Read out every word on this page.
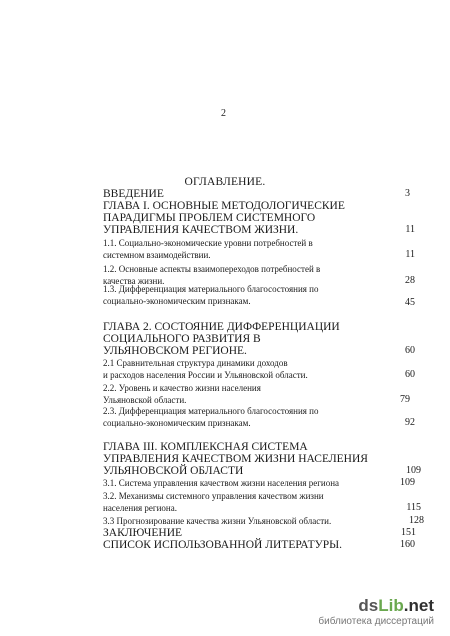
2
ОГЛАВЛЕНИЕ.
ВВЕДЕНИЕ	3
ГЛАВА I. ОСНОВНЫЕ МЕТОДОЛОГИЧЕСКИЕ
ПАРАДИГМЫ ПРОБЛЕМ СИСТЕМНОГО
УПРАВЛЕНИЯ КАЧЕСТВОМ ЖИЗНИ.	11
1.1. Социально-экономические уровни потребностей в
системном взаимодействии.	11
1.2. Основные аспекты взаимопереходов потребностей в
качества жизни.	28
1.3. Дифференциация материального благосостояния по
социально-экономическим признакам.	45
ГЛАВА 2. СОСТОЯНИЕ ДИФФЕРЕНЦИАЦИИ
СОЦИАЛЬНОГО РАЗВИТИЯ В
УЛЬЯНОВСКОМ РЕГИОНЕ.	60
2.1 Сравнительная структура динамики доходов
и расходов населения России и Ульяновской области.	60
2.2. Уровень и качество жизни населения
Ульяновской области.	79
2.3. Дифференциация материального благосостояния по
социально-экономическим признакам.	92
ГЛАВА III. КОМПЛЕКСНАЯ СИСТЕМА
УПРАВЛЕНИЯ КАЧЕСТВОМ ЖИЗНИ НАСЕЛЕНИЯ
УЛЬЯНОВСКОЙ ОБЛАСТИ	109
3.1. Система управления качеством жизни населения региона	109
3.2. Механизмы системного управления качеством жизни
населения региона.	115
3.3 Прогнозирование качества жизни Ульяновской области.	128
ЗАКЛЮЧЕНИЕ	151
СПИСОК ИСПОЛЬЗОВАННОЙ ЛИТЕРАТУРЫ.	160
dsLib.net
библиотека диссертаций
